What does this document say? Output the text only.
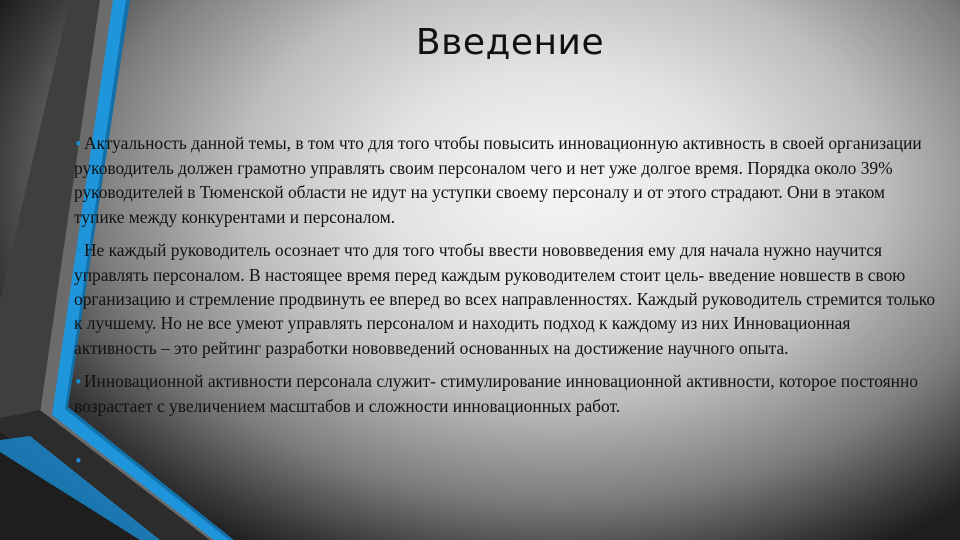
Введение

•Актуальность данной темы, в том что для того чтобы повысить инновационную активность в своей организации руководитель должен грамотно управлять своим персоналом чего и нет уже долгое время. Порядка около 39% руководителей в Тюменской области не идут на уступки своему персоналу и от этого страдают. Они в этаком тупике между конкурентами и персоналом.

•Не каждый руководитель осознает что для того чтобы ввести нововведения ему для начала нужно научится управлять персоналом. В настоящее время перед каждым руководителем стоит цель- введение новшеств в свою организацию и стремление продвинуть ее вперед во всех направленностях. Каждый руководитель стремится только к лучшему. Но не все умеют управлять персоналом и находить подход к каждому из них Инновационная активность – это рейтинг разработки нововведений основанных на достижение научного опыта.

•Инновационной активности персонала служит- стимулирование инновационной активности, которое постоянно возрастает с увеличением масштабов и сложности инновационных работ.

•
